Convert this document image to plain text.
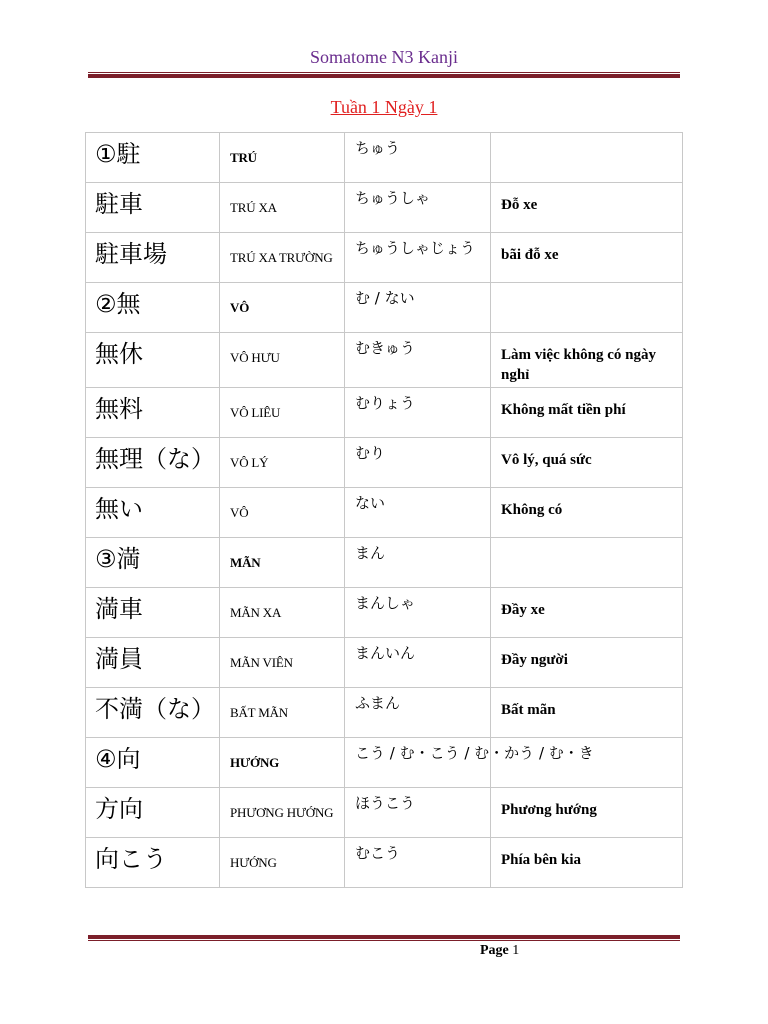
Somatome N3 Kanji
Tuần 1 Ngày 1
①駐	TRÚ	ちゅう	

駐車	TRÚ XA	ちゅうしゃ	Đỗ xe

駐車場	TRÚ XA TRƯỜNG	ちゅうしゃじょう	bãi đỗ xe

②無	VÔ	む / ない	

無休	VÔ HƯU	むきゅう	Làm việc không có ngày nghỉ

無料	VÔ LIÊU	むりょう	Không mất tiền phí

無理（な）	VÔ LÝ	むり	Vô lý, quá sức

無い	VÔ	ない	Không có

③満	MÃN	まん	

満車	MÃN XA	まんしゃ	Đầy xe

満員	MÃN VIÊN	まんいん	Đầy người

不満（な）	BẤT MÃN	ふまん	Bất mãn

④向	HƯỚNG	こう / む・こう / む・かう / む・き	

方向	PHƯƠNG HƯỚNG	ほうこう	Phương hướng

向こう	HƯỚNG	むこう	Phía bên kia
Page 1
